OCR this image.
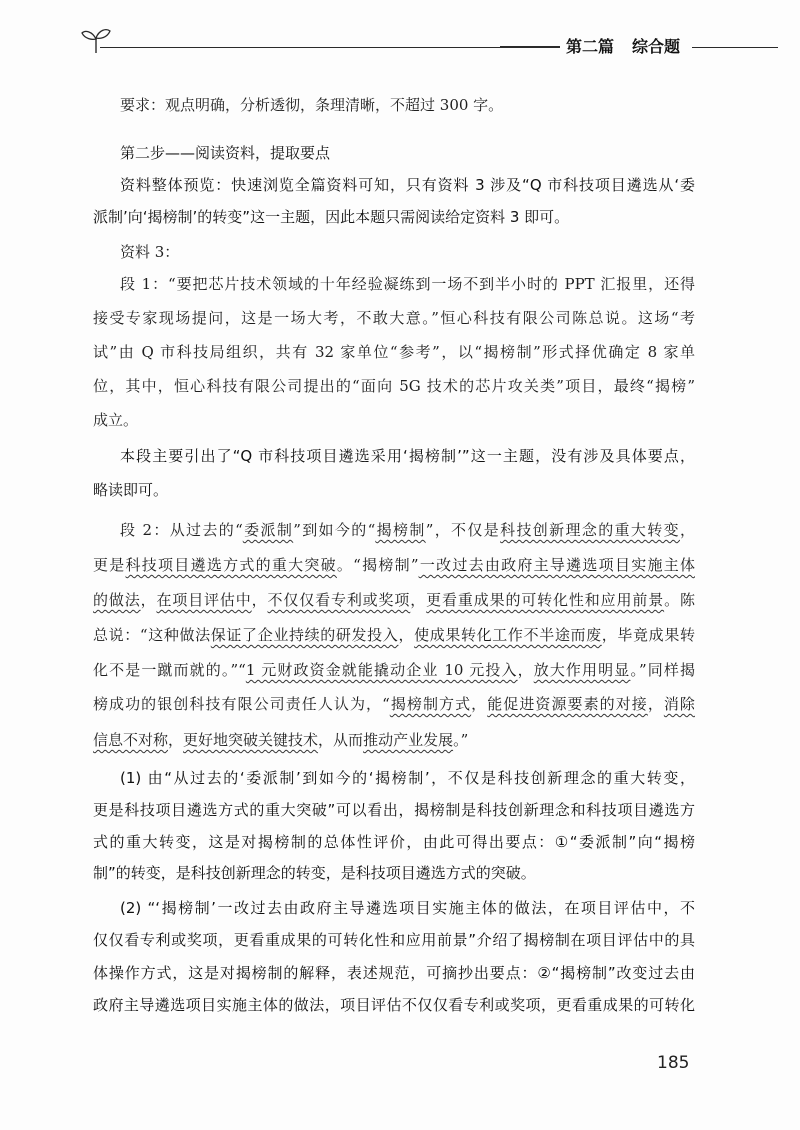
第二篇 综合题
要求：观点明确，分析透彻，条理清晰，不超过 300 字。
第二步——阅读资料，提取要点
资料整体预览：快速浏览全篇资料可知，只有资料 3 涉及“Q 市科技项目遴选从‘委
派制’向‘揭榜制’的转变”这一主题，因此本题只需阅读给定资料 3 即可。
资料 3：
段 1：“要把芯片技术领域的十年经验凝练到一场不到半小时的 PPT 汇报里，还得
接受专家现场提问，这是一场大考，不敢大意。”恒心科技有限公司陈总说。这场“考
试”由 Q 市科技局组织，共有 32 家单位“参考”，以“揭榜制”形式择优确定 8 家单
位，其中，恒心科技有限公司提出的“面向 5G 技术的芯片攻关类”项目，最终“揭榜”
成立。
本段主要引出了“Q 市科技项目遴选采用‘揭榜制’”这一主题，没有涉及具体要点，
略读即可。
段 2：从过去的“委派制”到如今的“揭榜制”，不仅是科技创新理念的重大转变，
更是科技项目遴选方式的重大突破。“揭榜制”一改过去由政府主导遴选项目实施主体
的做法，在项目评估中，不仅仅看专利或奖项，更看重成果的可转化性和应用前景。陈
总说：“这种做法保证了企业持续的研发投入，使成果转化工作不半途而废，毕竟成果转
化不是一蹴而就的。”“1 元财政资金就能撬动企业 10 元投入，放大作用明显。”同样揭
榜成功的银创科技有限公司责任人认为，“揭榜制方式，能促进资源要素的对接，消除
信息不对称，更好地突破关键技术，从而推动产业发展。”
(1) 由“从过去的‘委派制’到如今的‘揭榜制’，不仅是科技创新理念的重大转变，
更是科技项目遴选方式的重大突破”可以看出，揭榜制是科技创新理念和科技项目遴选方
式的重大转变，这是对揭榜制的总体性评价，由此可得出要点：①“委派制”向“揭榜
制”的转变，是科技创新理念的转变，是科技项目遴选方式的突破。
(2) “‘揭榜制’一改过去由政府主导遴选项目实施主体的做法，在项目评估中，不
仅仅看专利或奖项，更看重成果的可转化性和应用前景”介绍了揭榜制在项目评估中的具
体操作方式，这是对揭榜制的解释，表述规范，可摘抄出要点：②“揭榜制”改变过去由
政府主导遴选项目实施主体的做法，项目评估不仅仅看专利或奖项，更看重成果的可转化
185
